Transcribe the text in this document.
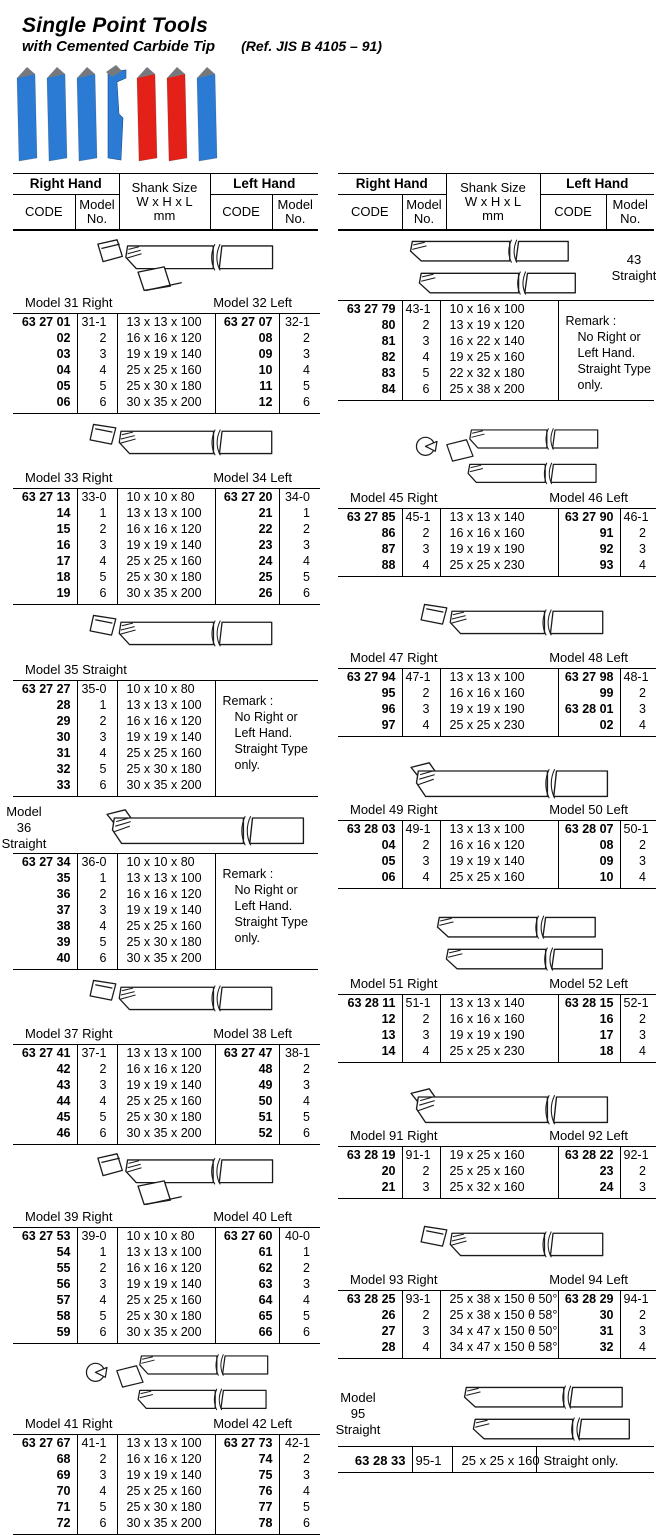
Single Point Tools
with Cemented Carbide Tip (Ref. JIS B 4105 – 91)
Right Hand		Shank Size
W x H x L
mm	Left Hand	
CODE	Model No.		CODE	Model No.
Model 31 Right	Model 32 Left
63 27 01	31-1	13 x 13 x 100	63 27 07	32-1
02	2	16 x 16 x 120	08	2
03	3	19 x 19 x 140	09	3
04	4	25 x 25 x 160	10	4
05	5	25 x 30 x 180	11	5
06	6	30 x 35 x 200	12	6
Model 33 Right	Model 34 Left
63 27 13	33-0	10 x 10 x 80	63 27 20	34-0
14	1	13 x 13 x 100	21	1
15	2	16 x 16 x 120	22	2
16	3	19 x 19 x 140	23	3
17	4	25 x 25 x 160	24	4
18	5	25 x 30 x 180	25	5
19	6	30 x 35 x 200	26	6
Model 35 Straight
63 27 27	35-0	10 x 10 x 80	Remark :
No Right or
Left Hand.
Straight Type
only.

28	1	13 x 13 x 100	
29	2	16 x 16 x 120	
30	3	19 x 19 x 140	
31	4	25 x 25 x 160	
32	5	25 x 30 x 180	
33	6	30 x 35 x 200	
Model 36
Straight
63 27 34	36-0	10 x 10 x 80	Remark :
No Right or
Left Hand.
Straight Type
only.

35	1	13 x 13 x 100	
36	2	16 x 16 x 120	
37	3	19 x 19 x 140	
38	4	25 x 25 x 160	
39	5	25 x 30 x 180	
40	6	30 x 35 x 200	
Model 37 Right	Model 38 Left
63 27 41	37-1	13 x 13 x 100	63 27 47	38-1
42	2	16 x 16 x 120	48	2
43	3	19 x 19 x 140	49	3
44	4	25 x 25 x 160	50	4
45	5	25 x 30 x 180	51	5
46	6	30 x 35 x 200	52	6
Model 39 Right	Model 40 Left
63 27 53	39-0	10 x 10 x 80	63 27 60	40-0
54	1	13 x 13 x 100	61	1
55	2	16 x 16 x 120	62	2
56	3	19 x 19 x 140	63	3
57	4	25 x 25 x 160	64	4
58	5	25 x 30 x 180	65	5
59	6	30 x 35 x 200	66	6
Model 41 Right	Model 42 Left
63 27 67	41-1	13 x 13 x 100	63 27 73	42-1
68	2	16 x 16 x 120	74	2
69	3	19 x 19 x 140	75	3
70	4	25 x 25 x 160	76	4
71	5	25 x 30 x 180	77	5
72	6	30 x 35 x 200	78	6
Right Hand		Shank Size
W x H x L
mm	Left Hand	
CODE	Model No.		CODE	Model No.
43
Straight
63 27 79	43-1	10 x 16 x 100	Remark :
No Right or
Left Hand.
Straight Type
only.

80	2	13 x 19 x 120	
81	3	16 x 22 x 140	
82	4	19 x 25 x 160	
83	5	22 x 32 x 180	
84	6	25 x 38 x 200	
Model 45 Right	Model 46 Left
63 27 85	45-1	13 x 13 x 140	63 27 90	46-1
86	2	16 x 16 x 160	91	2
87	3	19 x 19 x 190	92	3
88	4	25 x 25 x 230	93	4
Model 47 Right	Model 48 Left
63 27 94	47-1	13 x 13 x 100	63 27 98	48-1
95	2	16 x 16 x 160	99	2
96	3	19 x 19 x 190	63 28 01	3
97	4	25 x 25 x 230	02	4
Model 49 Right	Model 50 Left
63 28 03	49-1	13 x 13 x 100	63 28 07	50-1
04	2	16 x 16 x 120	08	2
05	3	19 x 19 x 140	09	3
06	4	25 x 25 x 160	10	4
Model 51 Right	Model 52 Left
63 28 11	51-1	13 x 13 x 140	63 28 15	52-1
12	2	16 x 16 x 160	16	2
13	3	19 x 19 x 190	17	3
14	4	25 x 25 x 230	18	4
Model 91 Right	Model 92 Left
63 28 19	91-1	19 x 25 x 160	63 28 22	92-1
20	2	25 x 25 x 160	23	2
21	3	25 x 32 x 160	24	3
Model 93 Right	Model 94 Left
63 28 25	93-1	25 x 38 x 150 θ 50°	63 28 29	94-1
26	2	25 x 38 x 150 θ 58°	30	2
27	3	34 x 47 x 150 θ 50°	31	3
28	4	34 x 47 x 150 θ 58°	32	4
Model 95
Straight
63 28 33	95-1	25 x 25 x 160	Straight only.
